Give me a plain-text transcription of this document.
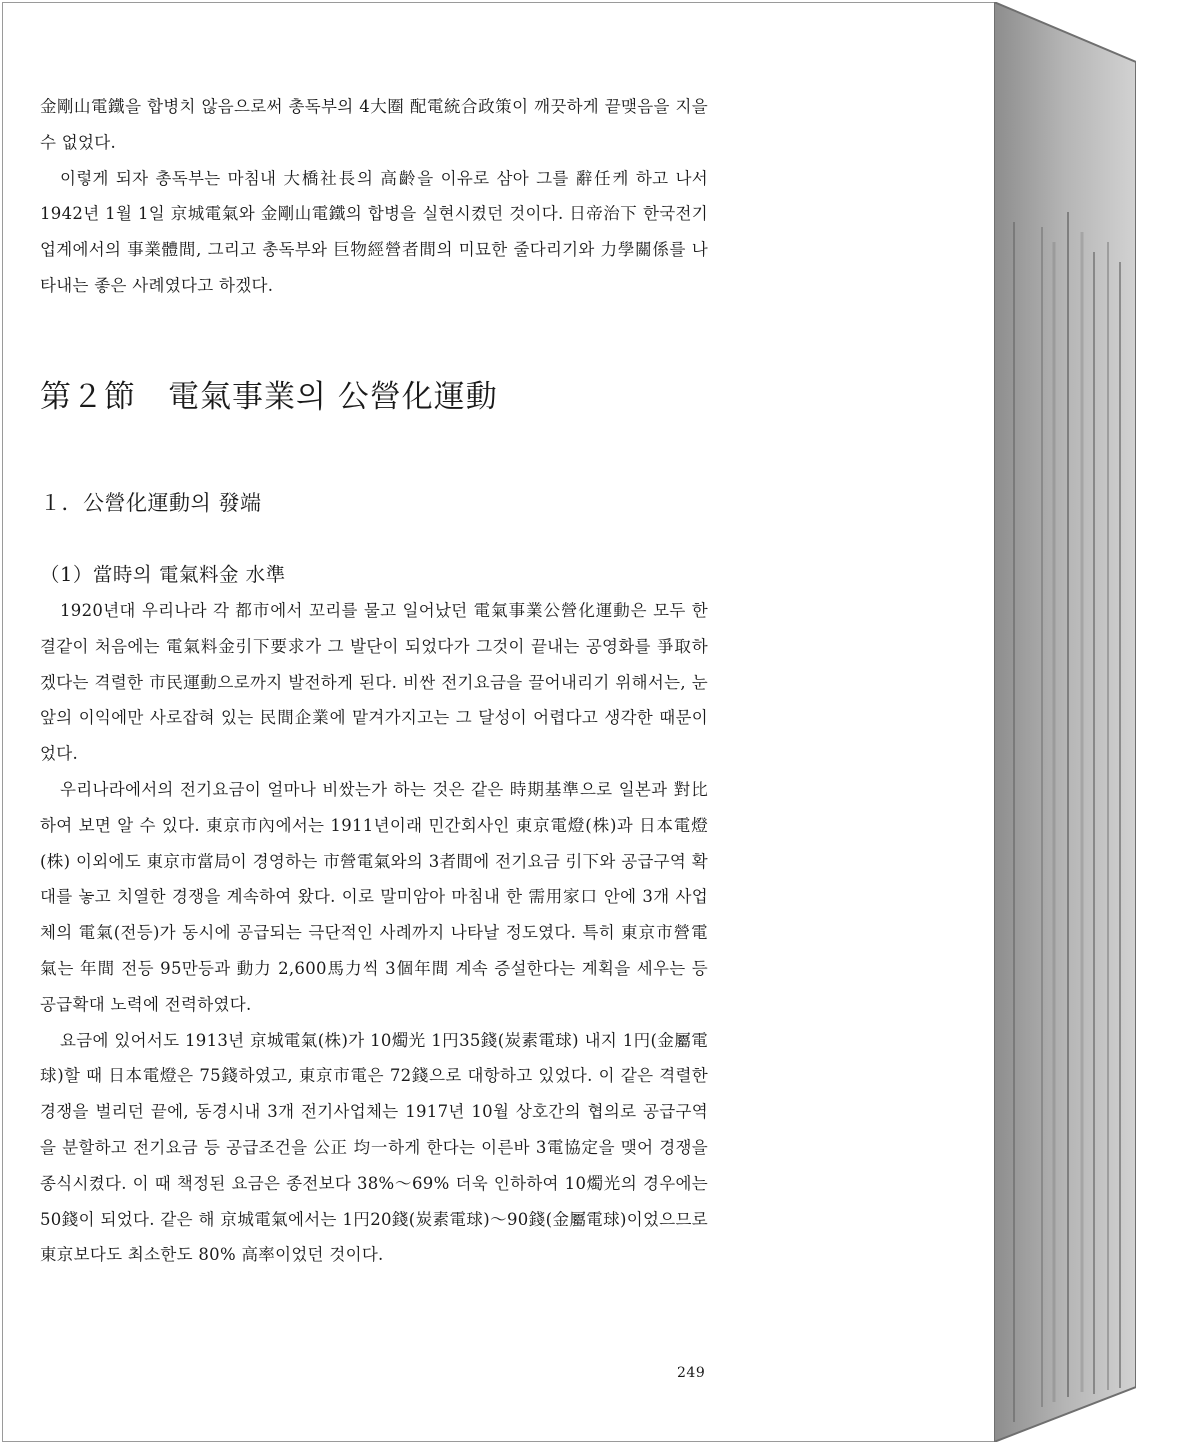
金剛山電鐵을 합병치 않음으로써 총독부의 4大圈 配電統合政策이 깨끗하게 끝맺음을 지을 수 없었다.

이렇게 되자 총독부는 마침내 大橋社長의 高齡을 이유로 삼아 그를 辭任케 하고 나서 1942년 1월 1일 京城電氣와 金剛山電鐵의 합병을 실현시켰던 것이다. 日帝治下 한국전기업계에서의 事業體間, 그리고 총독부와 巨物經營者間의 미묘한 줄다리기와 力學關係를 나타내는 좋은 사례였다고 하겠다.

第２節　電氣事業의 公營化運動
１．公營化運動의 發端
（1）當時의 電氣料金 水準

1920년대 우리나라 각 都市에서 꼬리를 물고 일어났던 電氣事業公營化運動은 모두 한결같이 처음에는 電氣料金引下要求가 그 발단이 되었다가 그것이 끝내는 공영화를 爭取하겠다는 격렬한 市民運動으로까지 발전하게 된다. 비싼 전기요금을 끌어내리기 위해서는, 눈앞의 이익에만 사로잡혀 있는 民間企業에 맡겨가지고는 그 달성이 어렵다고 생각한 때문이었다.

우리나라에서의 전기요금이 얼마나 비쌌는가 하는 것은 같은 時期基準으로 일본과 對比하여 보면 알 수 있다. 東京市內에서는 1911년이래 민간회사인 東京電燈(株)과 日本電燈(株) 이외에도 東京市當局이 경영하는 市營電氣와의 3者間에 전기요금 引下와 공급구역 확대를 놓고 치열한 경쟁을 계속하여 왔다. 이로 말미암아 마침내 한 需用家口 안에 3개 사업체의 電氣(전등)가 동시에 공급되는 극단적인 사례까지 나타날 정도였다. 특히 東京市營電氣는 年間 전등 95만등과 動力 2,600馬力씩 3個年間 계속 증설한다는 계획을 세우는 등 공급확대 노력에 전력하였다.

요금에 있어서도 1913년 京城電氣(株)가 10燭光 1円35錢(炭素電球) 내지 1円(金屬電球)할 때 日本電燈은 75錢하였고, 東京市電은 72錢으로 대항하고 있었다. 이 같은 격렬한 경쟁을 벌리던 끝에, 동경시내 3개 전기사업체는 1917년 10월 상호간의 협의로 공급구역을 분할하고 전기요금 등 공급조건을 公正 均一하게 한다는 이른바 3電協定을 맺어 경쟁을 종식시켰다. 이 때 책정된 요금은 종전보다 38%～69% 더욱 인하하여 10燭光의 경우에는 50錢이 되었다. 같은 해 京城電氣에서는 1円20錢(炭素電球)～90錢(金屬電球)이었으므로 東京보다도 최소한도 80% 高率이었던 것이다.

249
